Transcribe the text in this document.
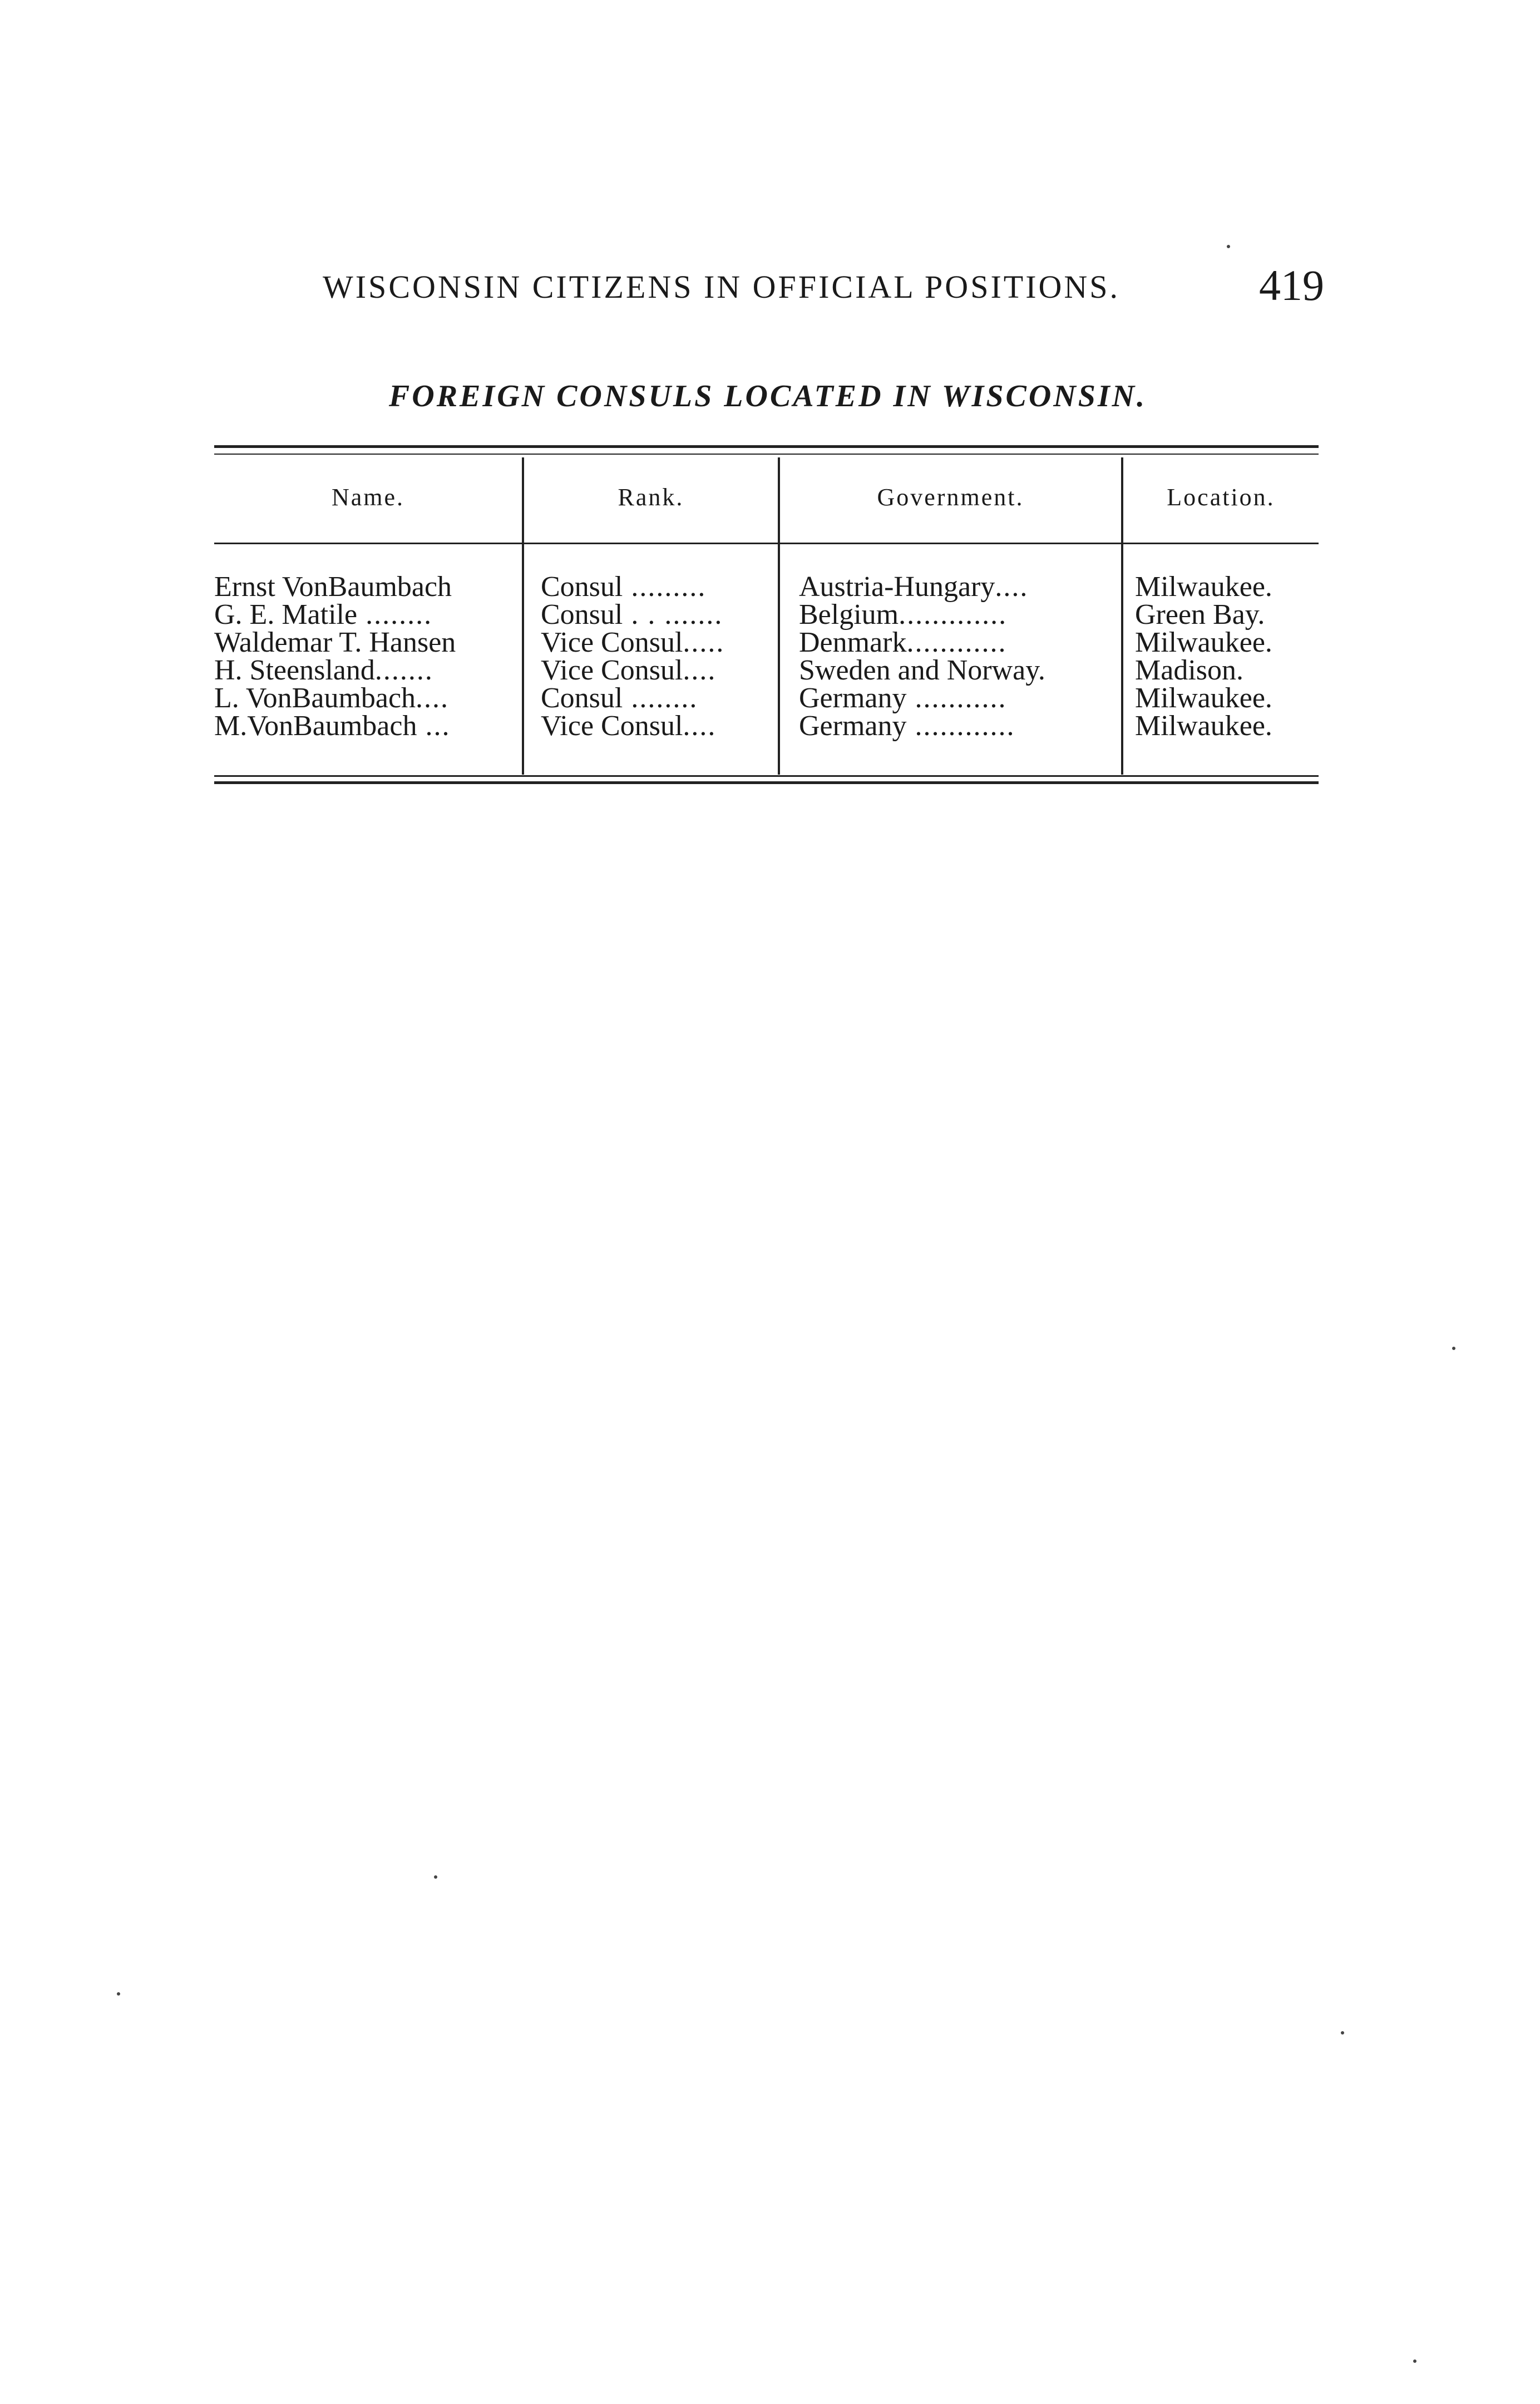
WISCONSIN CITIZENS IN OFFICIAL POSITIONS.	419
FOREIGN CONSULS LOCATED IN WISCONSIN.
Name.	Rank.	Government.	Location.
Ernst VonBaumbach	Consul .........	Austria-Hungary....	Milwaukee.
G. E. Matile ........	Consul . . .......	Belgium.............	Green Bay.
Waldemar T. Hansen	Vice Consul.....	Denmark............	Milwaukee.
H. Steensland.......	Vice Consul....	Sweden and Norway.	Madison.
L. VonBaumbach....	Consul ........	Germany ...........	Milwaukee.
M.VonBaumbach ...	Vice Consul....	Germany ............	Milwaukee.
